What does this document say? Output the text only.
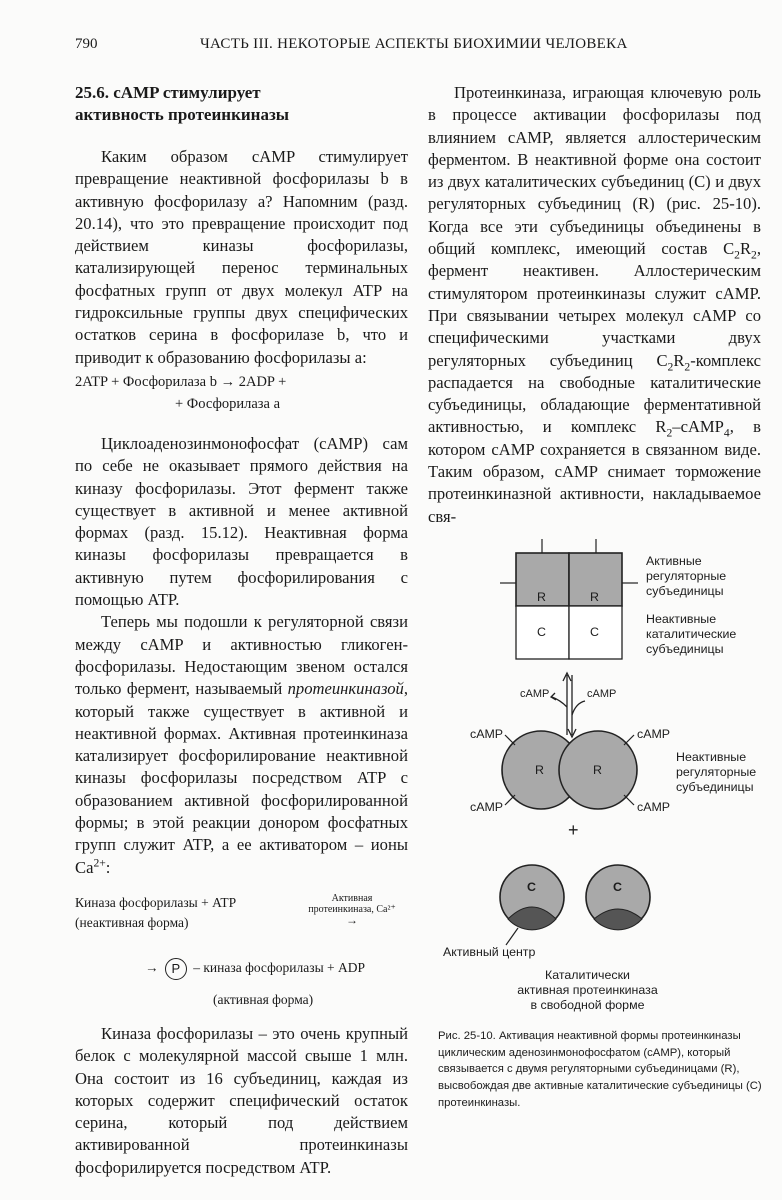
790	ЧАСТЬ III. НЕКОТОРЫЕ АСПЕКТЫ БИОХИМИИ ЧЕЛОВЕКА
25.6. cAMP стимулирует
активность протеинкиназы

Каким образом cAMP стимулирует превращение неактивной фосфорилазы b в активную фосфорилазу a? Напомним (разд. 20.14), что это превращение происходит под действием киназы фосфорилазы, катализирующей перенос терминальных фосфатных групп от двух молекул ATP на гидроксильные группы двух специфических остатков серина в фосфорилазе b, что и приводит к образованию фосфорилазы a:

2ATP + Фосфорилаза b → 2ADP +
+ Фосфорилаза a

Циклоаденозинмонофосфат (cAMP) сам по себе не оказывает прямого действия на киназу фосфорилазы. Этот фермент также существует в активной и менее активной формах (разд. 15.12). Неактивная форма киназы фосфорилазы превращается в активную путем фосфорилирования с помощью ATP.

Теперь мы подошли к регуляторной связи между cAMP и активностью гликоген-фосфорилазы. Недостающим звеном остался только фермент, называемый протеинкиназой, который также существует в активной и неактивной формах. Активная протеинкиназа катализирует фосфорилирование неактивной киназы фосфорилазы посредством ATP с образованием активной фосфорилированной формы; в этой реакции донором фосфатных групп служит ATP, а ее активатором – ионы $Ca^{2+}$:

Киназа фосфорилазы + ATP
(неактивная форма)
Активная
протеинкиназа, Ca²⁺
→
→ P – киназа фосфорилазы + ADP
(активная форма)

Киназа фосфорилазы – это очень крупный белок с молекулярной массой свыше 1 млн. Она состоит из 16 субъединиц, каждая из которых содержит специфический остаток серина, который под действием активированной протеинкиназы фосфорилируется посредством ATP.

Протеинкиназа, играющая ключевую роль в процессе активации фосфорилазы под влиянием cAMP, является аллостерическим ферментом. В неактивной форме она состоит из двух каталитических субъединиц (C) и двух регуляторных субъединиц (R) (рис. 25-10). Когда все эти субъединицы объединены в общий комплекс, имеющий состав $C_2R_2$, фермент неактивен. Аллостерическим стимулятором протеинкиназы служит cAMP. При связывании четырех молекул cAMP со специфическими участками двух регуляторных субъединиц $C_2R_2$-комплекс распадается на свободные каталитические субъединицы, обладающие ферментативной активностью, и комплекс $R_2-cAMP_4$, в котором cAMP сохраняется в связанном виде. Таким образом, cAMP снимает торможение протеинкиназной активности, накладываемое свя-

R	R
C	C
Активные
регуляторные
субъединицы
Неактивные
каталитические
субъединицы
cAMP	cAMP
R	R
cAMP
cAMP
cAMP
cAMP
Неактивные
регуляторные
субъединицы
+
C	C
Активный центр
Каталитически
активная протеинкиназа
в свободной форме
Рис. 25-10. Активация неактивной формы протеинкиназы циклическим аденозинмонофосфатом (cAMP), который связывается с двумя регуляторными субъединицами (R), высвобождая две активные каталитические субъединицы (C) протеинкиназы.
